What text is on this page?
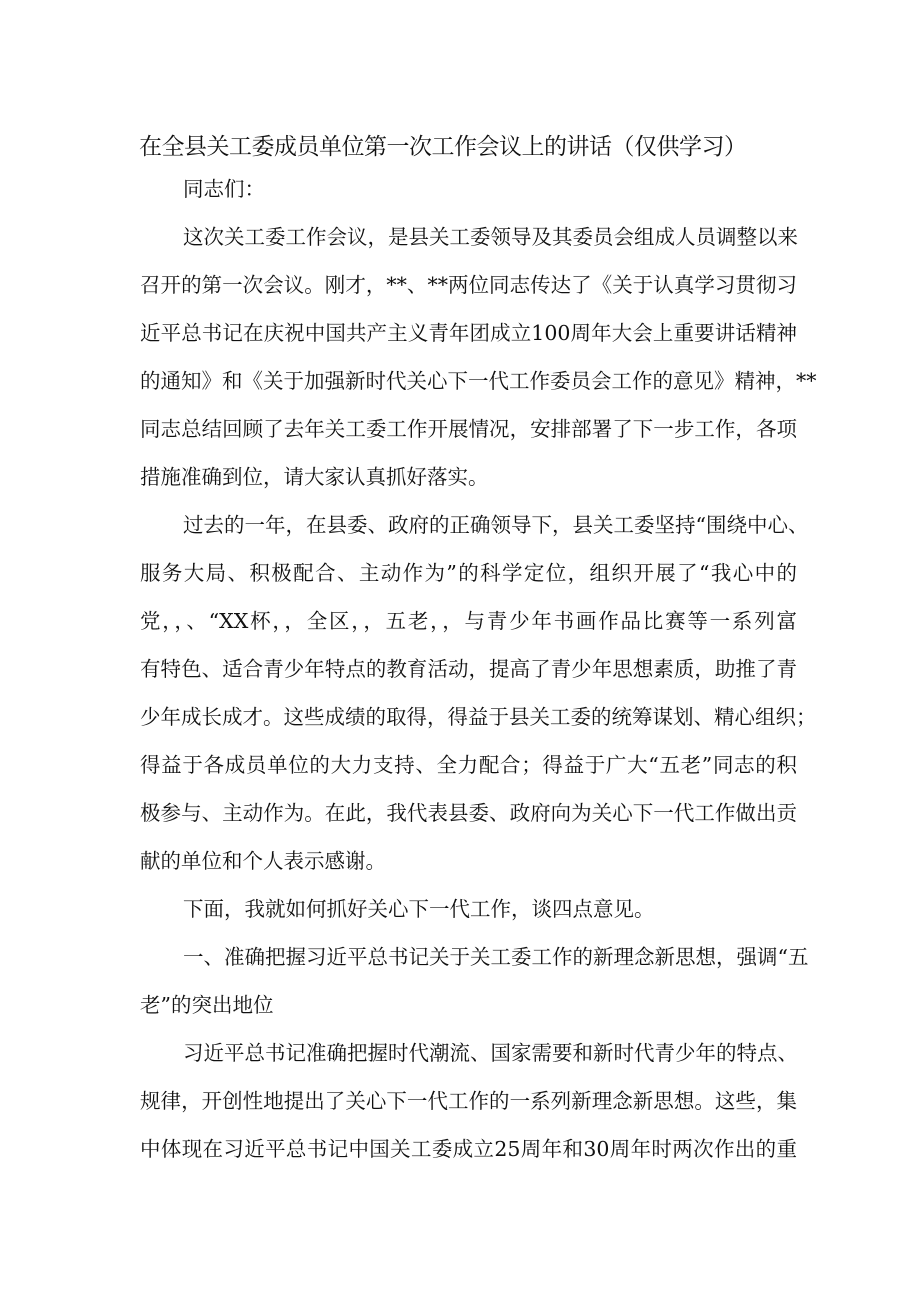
在全县关工委成员单位第一次工作会议上的讲话（仅供学习）
同志们：
这次关工委工作会议，是县关工委领导及其委员会组成人员调整以来
召开的第一次会议。刚才，**、**两位同志传达了《关于认真学习贯彻习
近平总书记在庆祝中国共产主义青年团成立100周年大会上重要讲话精神
的通知》和《关于加强新时代关心下一代工作委员会工作的意见》精神，**
同志总结回顾了去年关工委工作开展情况，安排部署了下一步工作，各项
措施准确到位，请大家认真抓好落实。
过去的一年，在县委、政府的正确领导下，县关工委坚持“围绕中心、
服务大局、积极配合、主动作为”的科学定位，组织开展了“我心中的
党，，、“XX杯，，全区，，五老，，与青少年书画作品比赛等一系列富
有特色、适合青少年特点的教育活动，提高了青少年思想素质，助推了青
少年成长成才。这些成绩的取得，得益于县关工委的统筹谋划、精心组织；
得益于各成员单位的大力支持、全力配合；得益于广大“五老”同志的积
极参与、主动作为。在此，我代表县委、政府向为关心下一代工作做出贡
献的单位和个人表示感谢。
下面，我就如何抓好关心下一代工作，谈四点意见。
一、准确把握习近平总书记关于关工委工作的新理念新思想，强调“五
老”的突出地位
习近平总书记准确把握时代潮流、国家需要和新时代青少年的特点、
规律，开创性地提出了关心下一代工作的一系列新理念新思想。这些，集
中体现在习近平总书记中国关工委成立25周年和30周年时两次作出的重
